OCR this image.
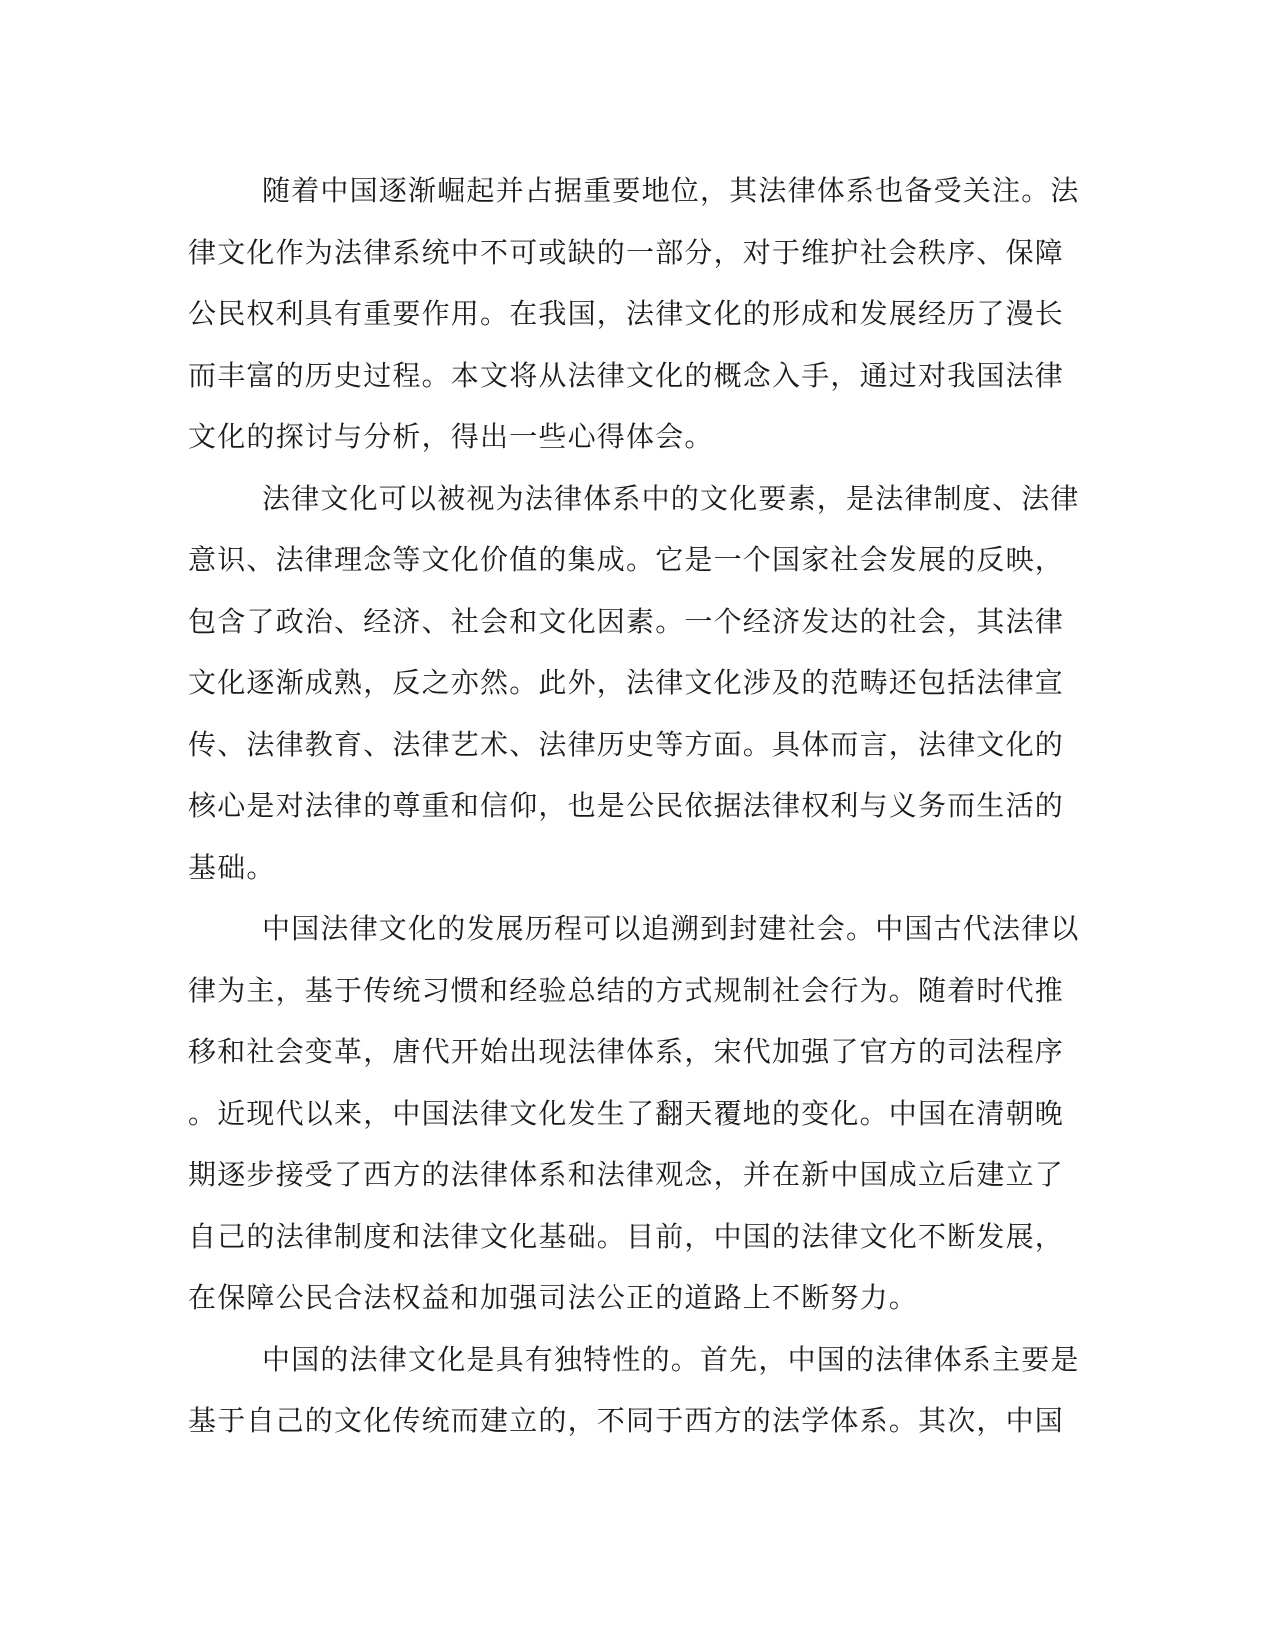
随着中国逐渐崛起并占据重要地位，其法律体系也备受关注。法
律文化作为法律系统中不可或缺的一部分，对于维护社会秩序、保障
公民权利具有重要作用。在我国，法律文化的形成和发展经历了漫长
而丰富的历史过程。本文将从法律文化的概念入手，通过对我国法律
文化的探讨与分析，得出一些心得体会。
法律文化可以被视为法律体系中的文化要素，是法律制度、法律
意识、法律理念等文化价值的集成。它是一个国家社会发展的反映，
包含了政治、经济、社会和文化因素。一个经济发达的社会，其法律
文化逐渐成熟，反之亦然。此外，法律文化涉及的范畴还包括法律宣
传、法律教育、法律艺术、法律历史等方面。具体而言，法律文化的
核心是对法律的尊重和信仰，也是公民依据法律权利与义务而生活的
基础。
中国法律文化的发展历程可以追溯到封建社会。中国古代法律以
律为主，基于传统习惯和经验总结的方式规制社会行为。随着时代推
移和社会变革，唐代开始出现法律体系，宋代加强了官方的司法程序
。近现代以来，中国法律文化发生了翻天覆地的变化。中国在清朝晚
期逐步接受了西方的法律体系和法律观念，并在新中国成立后建立了
自己的法律制度和法律文化基础。目前，中国的法律文化不断发展，
在保障公民合法权益和加强司法公正的道路上不断努力。
中国的法律文化是具有独特性的。首先，中国的法律体系主要是
基于自己的文化传统而建立的，不同于西方的法学体系。其次，中国
